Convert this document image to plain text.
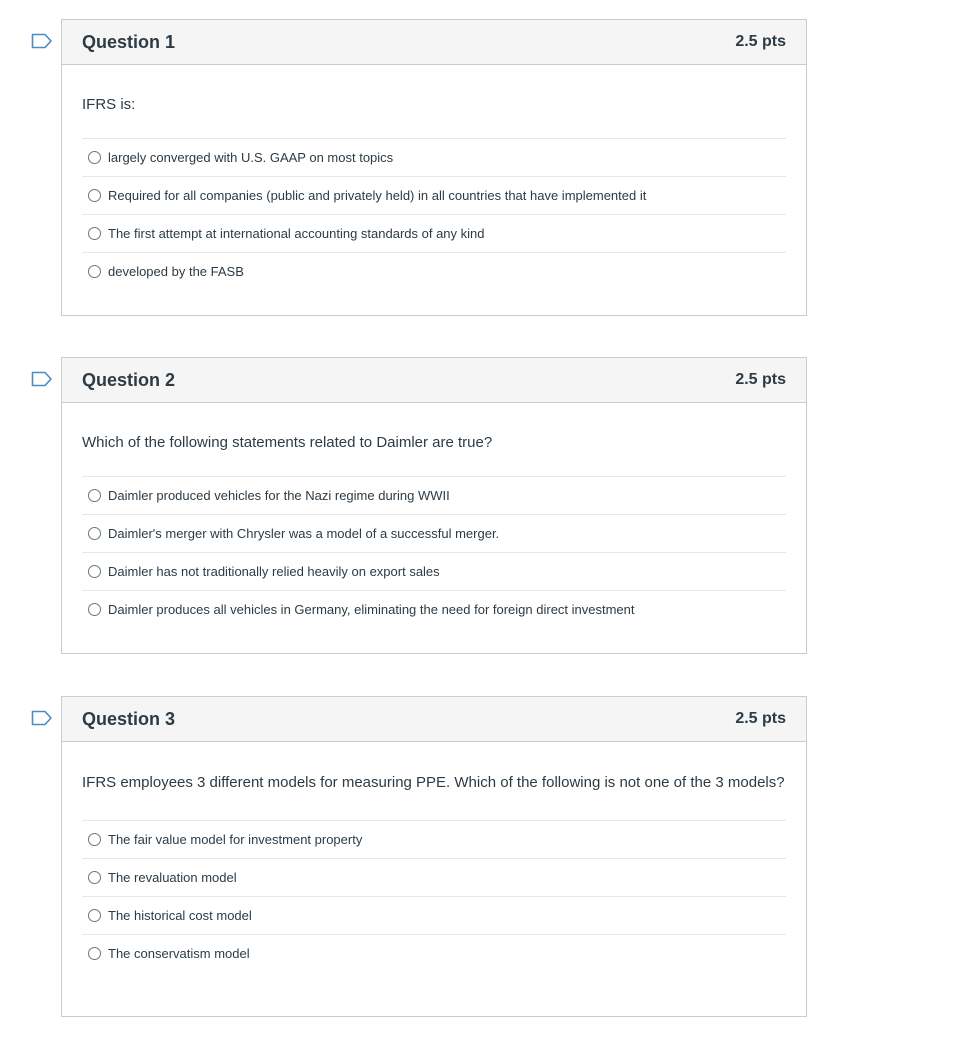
Question 1	2.5 pts
IFRS is:
largely converged with U.S. GAAP on most topics
Required for all companies (public and privately held) in all countries that have implemented it
The first attempt at international accounting standards of any kind
developed by the FASB
Question 2	2.5 pts
Which of the following statements related to Daimler are true?
Daimler produced vehicles for the Nazi regime during WWII
Daimler's merger with Chrysler was a model of a successful merger.
Daimler has not traditionally relied heavily on export sales
Daimler produces all vehicles in Germany, eliminating the need for foreign direct investment
Question 3	2.5 pts
IFRS employees 3 different models for measuring PPE. Which of the following is not one of the 3 models?
The fair value model for investment property
The revaluation model
The historical cost model
The conservatism model
